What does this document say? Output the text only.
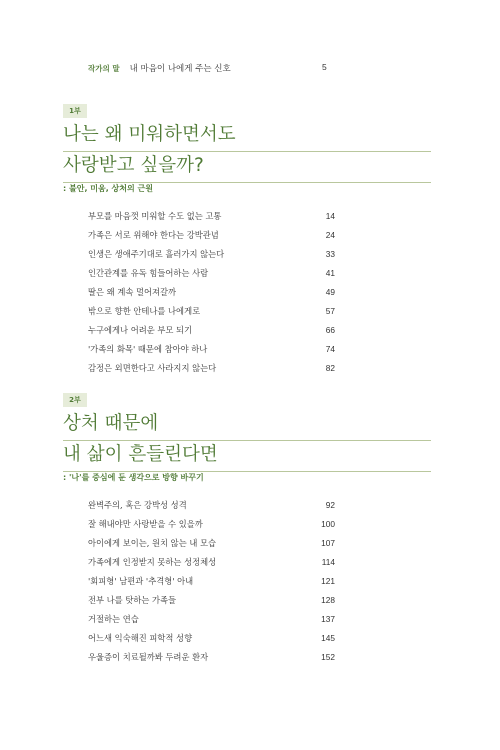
작가의 말 내 마음이 나에게 주는 신호	5
1부
나는 왜 미워하면서도
사랑받고 싶을까?
: 불안, 미움, 상처의 근원
부모를 마음껏 미워할 수도 없는 고통	14
가족은 서로 위해야 한다는 강박관념	24
인생은 생애주기대로 흘러가지 않는다	33
인간관계를 유독 힘들어하는 사람	41
딸은 왜 계속 멀어져갈까	49
밖으로 향한 안테나를 나에게로	57
누구에게나 어려운 부모 되기	66
'가족의 화목' 때문에 참아야 하나	74
감정은 외면한다고 사라지지 않는다	82
2부
상처 때문에
내 삶이 흔들린다면
: '나'를 중심에 둔 생각으로 방향 바꾸기
완벽주의, 혹은 강박성 성격	92
잘 해내야만 사랑받을 수 있을까	100
아이에게 보이는, 원치 않는 내 모습	107
가족에게 인정받지 못하는 성정체성	114
'회피형' 남편과 '추격형' 아내	121
전부 나를 탓하는 가족들	128
거절하는 연습	137
어느새 익숙해진 피학적 성향	145
우울증이 치료될까봐 두려운 환자	152
